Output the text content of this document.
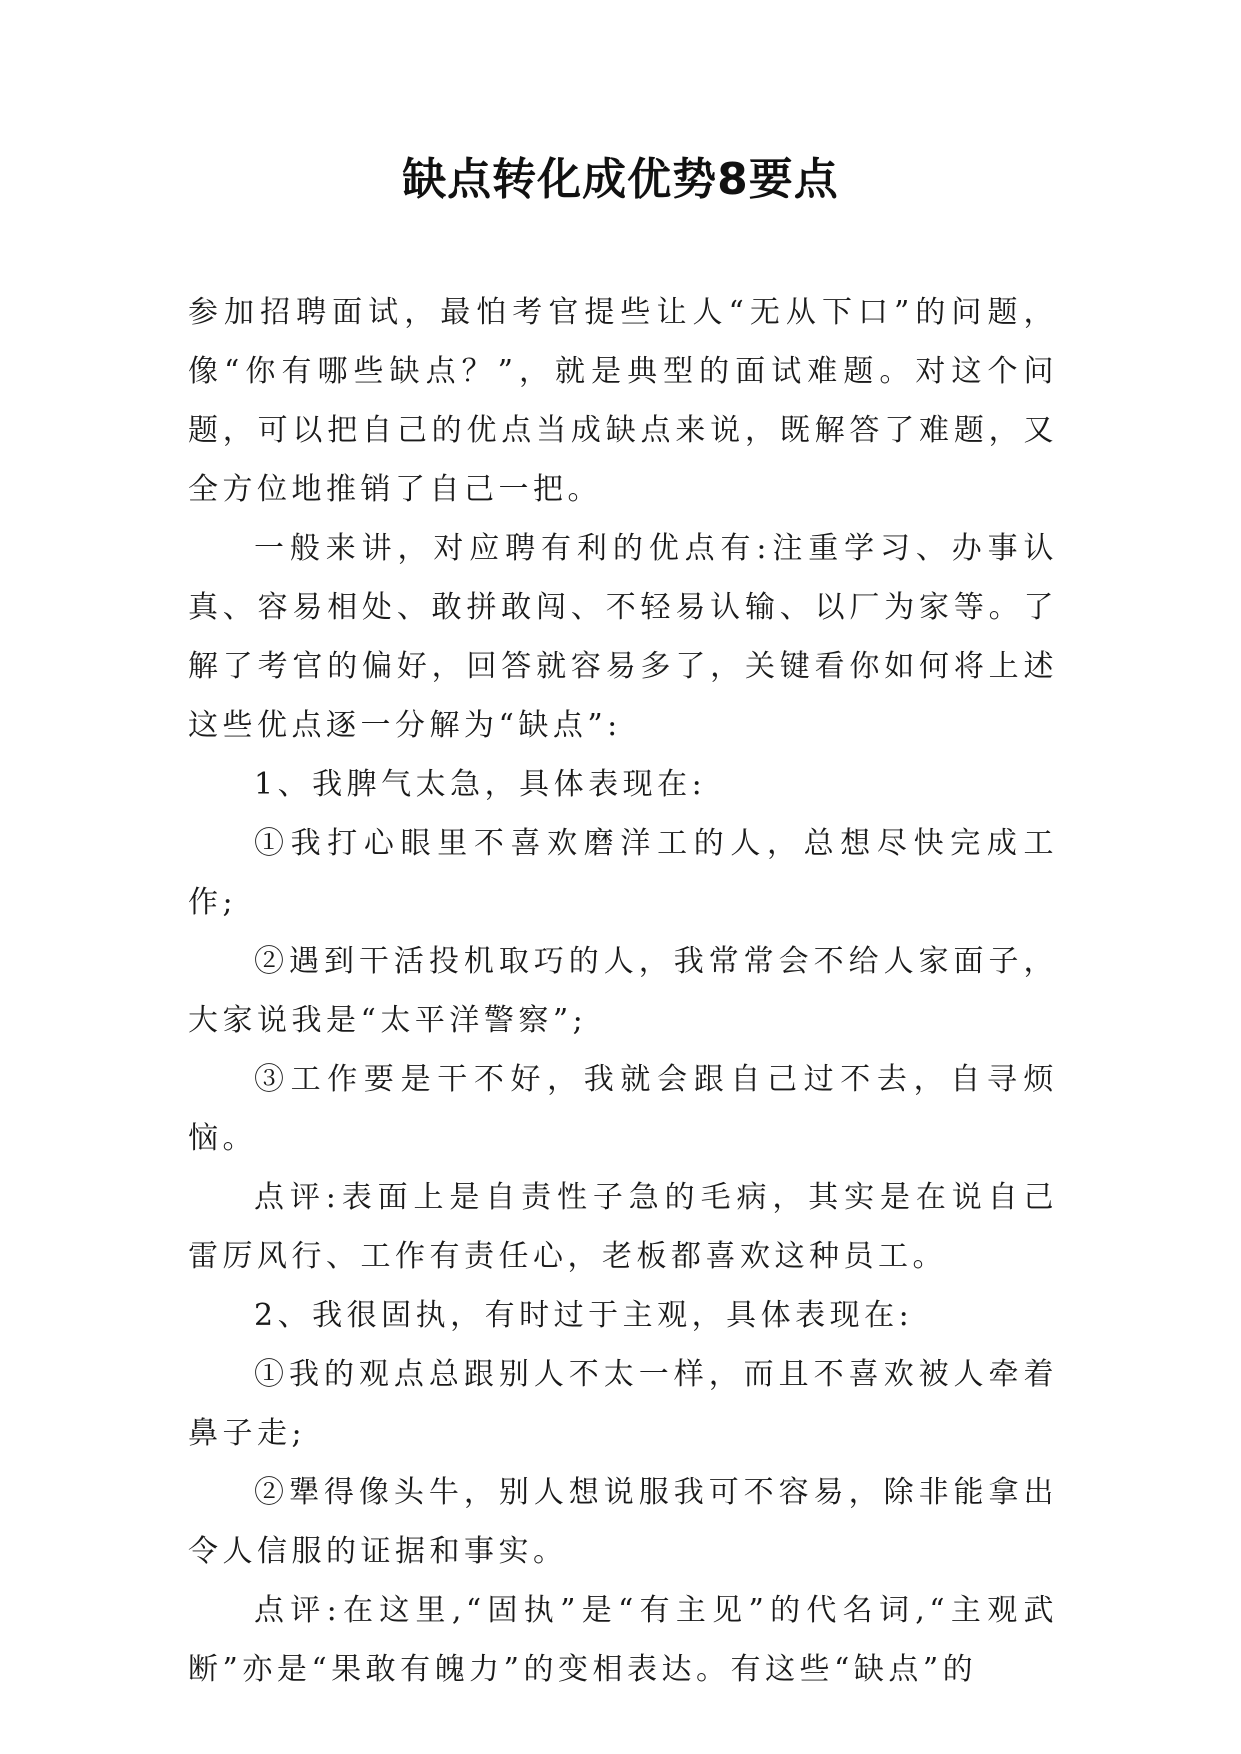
缺点转化成优势8要点

参加招聘面试，最怕考官提些让人“无从下口”的问题，像“你有哪些缺点？”，就是典型的面试难题。对这个问题，可以把自己的优点当成缺点来说，既解答了难题，又全方位地推销了自己一把。

一般来讲，对应聘有利的优点有:注重学习、办事认真、容易相处、敢拼敢闯、不轻易认输、以厂为家等。了解了考官的偏好，回答就容易多了，关键看你如何将上述这些优点逐一分解为“缺点”:

1、我脾气太急，具体表现在:

①我打心眼里不喜欢磨洋工的人，总想尽快完成工作;

②遇到干活投机取巧的人，我常常会不给人家面子，大家说我是“太平洋警察”;

③工作要是干不好，我就会跟自己过不去，自寻烦恼。

点评:表面上是自责性子急的毛病，其实是在说自己雷厉风行、工作有责任心，老板都喜欢这种员工。

2、我很固执，有时过于主观，具体表现在:

①我的观点总跟别人不太一样，而且不喜欢被人牵着鼻子走;

②犟得像头牛，别人想说服我可不容易，除非能拿出令人信服的证据和事实。

点评:在这里,“固执”是“有主见”的代名词,“主观武断”亦是“果敢有魄力”的变相表达。有这些“缺点”的
